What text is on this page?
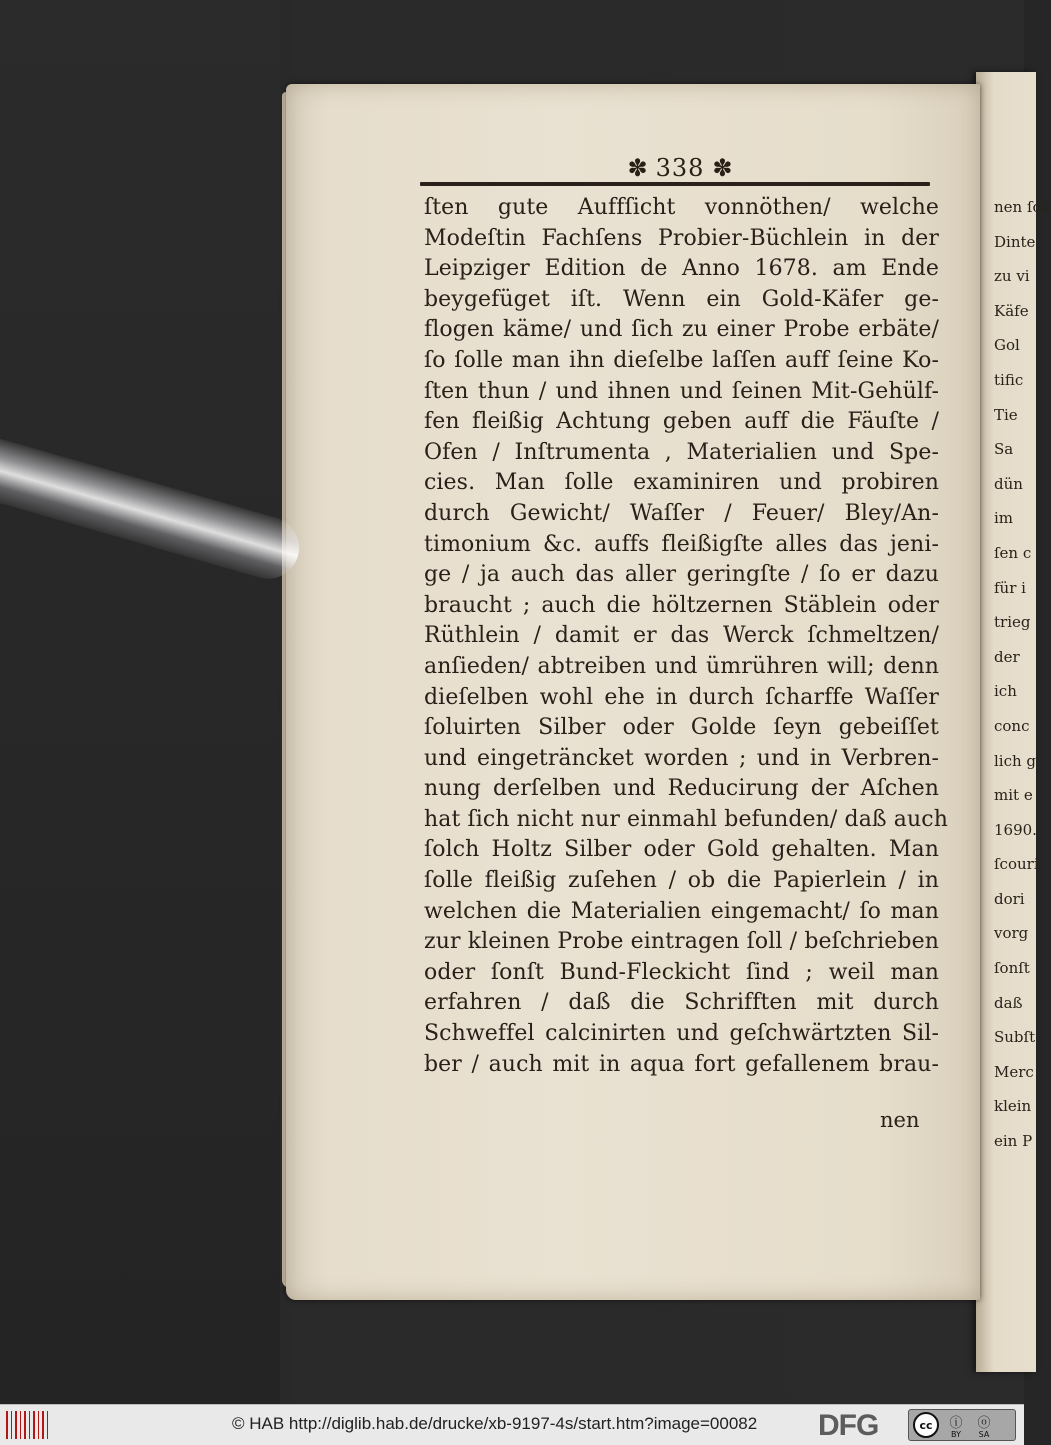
nen ſch
Dinte
zu vi
Käfe
Gol
tific
Tie
Sa
dün
im
ſen c
für i
trieg
der
ich
conc
lich g
mit e
1690.
ſcouri
dori
vorg
ſonſt
daß
Subſt
Merc
klein
ein P
✽ 338 ✽
ſten gute Auffſicht vonnöthen/ welche
Modeſtin Fachſens Probier-Büchlein in der
Leipziger Edition de Anno 1678. am Ende
beygefüget iſt. Wenn ein Gold-Käfer ge-
flogen käme/ und ſich zu einer Probe erbäte/
ſo ſolle man ihn dieſelbe laſſen auff ſeine Ko-
ſten thun / und ihnen und ſeinen Mit-Gehülf-
fen fleißig Achtung geben auff die Fäuſte /
Ofen / Inſtrumenta , Materialien und Spe-
cies. Man ſolle examiniren und probiren
durch Gewicht/ Waſſer / Feuer/ Bley/An-
timonium &c. auffs fleißigſte alles das jeni-
ge / ja auch das aller geringſte / ſo er dazu
braucht ; auch die höltzernen Stäblein oder
Rüthlein / damit er das Werck ſchmeltzen/
anſieden/ abtreiben und ümrühren will; denn
dieſelben wohl ehe in durch ſcharffe Waſſer
ſoluirten Silber oder Golde ſeyn gebeiſſet
und eingeträncket worden ; und in Verbren-
nung derſelben und Reducirung der Aſchen
hat ſich nicht nur einmahl befunden/ daß auch
ſolch Holtz Silber oder Gold gehalten. Man
ſolle fleißig zuſehen / ob die Papierlein / in
welchen die Materialien eingemacht/ ſo man
zur kleinen Probe eintragen ſoll / beſchrieben
oder ſonſt Bund-Fleckicht ſind ; weil man
erfahren / daß die Schrifften mit durch
Schweffel calcinirten und geſchwärtzten Sil-
ber / auch mit in aqua fort gefallenem brau-
nen
© HAB http://diglib.hab.de/drucke/xb-9197-4s/start.htm?image=00082 DFG	cc	ⓘ
BY
ⓞ
SA
